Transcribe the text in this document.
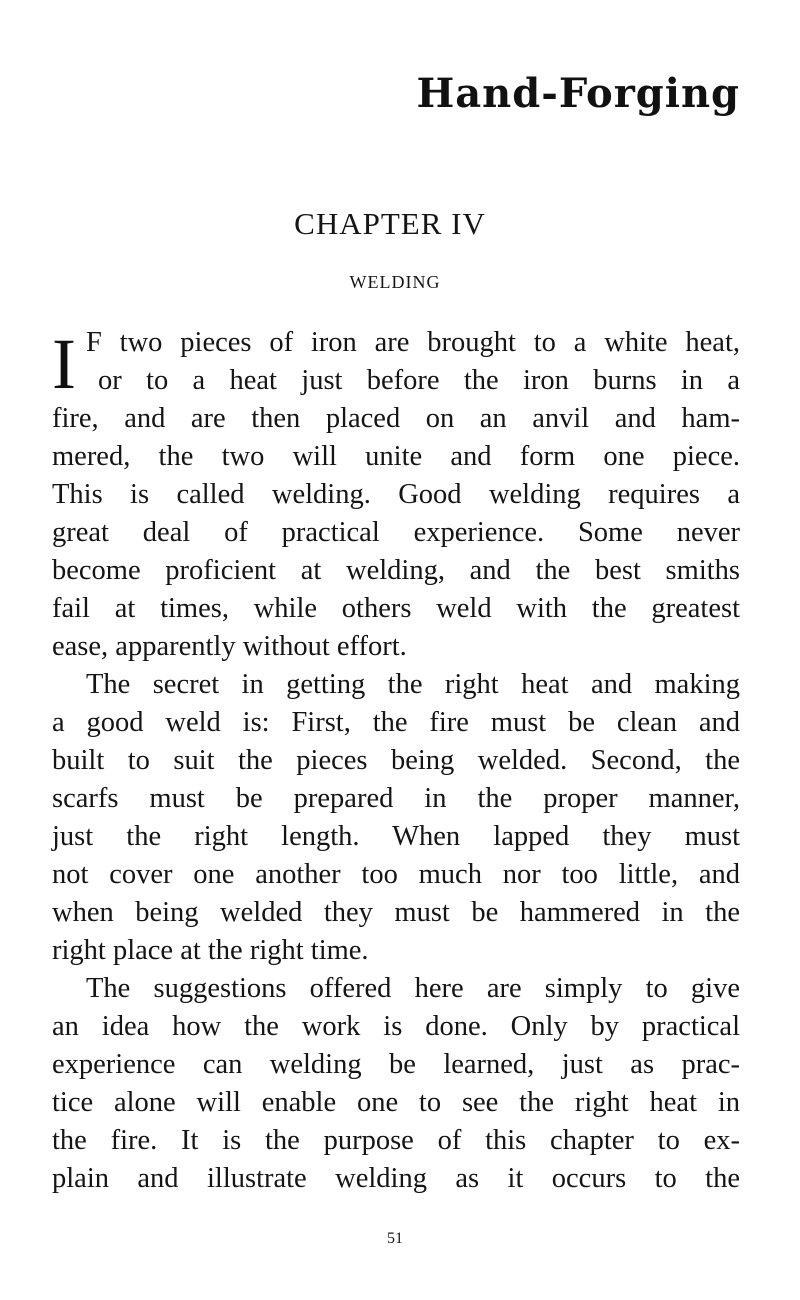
Hand-Forging
CHAPTER IV
WELDING
I F two pieces of iron are brought to a white heat,
or to a heat just before the iron burns in a
fire, and are then placed on an anvil and ham-
mered, the two will unite and form one piece.
This is called welding. Good welding requires a
great deal of practical experience. Some never
become proficient at welding, and the best smiths
fail at times, while others weld with the greatest
ease, apparently without effort.
The secret in getting the right heat and making
a good weld is: First, the fire must be clean and
built to suit the pieces being welded. Second, the
scarfs must be prepared in the proper manner,
just the right length. When lapped they must
not cover one another too much nor too little, and
when being welded they must be hammered in the
right place at the right time.
The suggestions offered here are simply to give
an idea how the work is done. Only by practical
experience can welding be learned, just as prac-
tice alone will enable one to see the right heat in
the fire. It is the purpose of this chapter to ex-
plain and illustrate welding as it occurs to the
51
